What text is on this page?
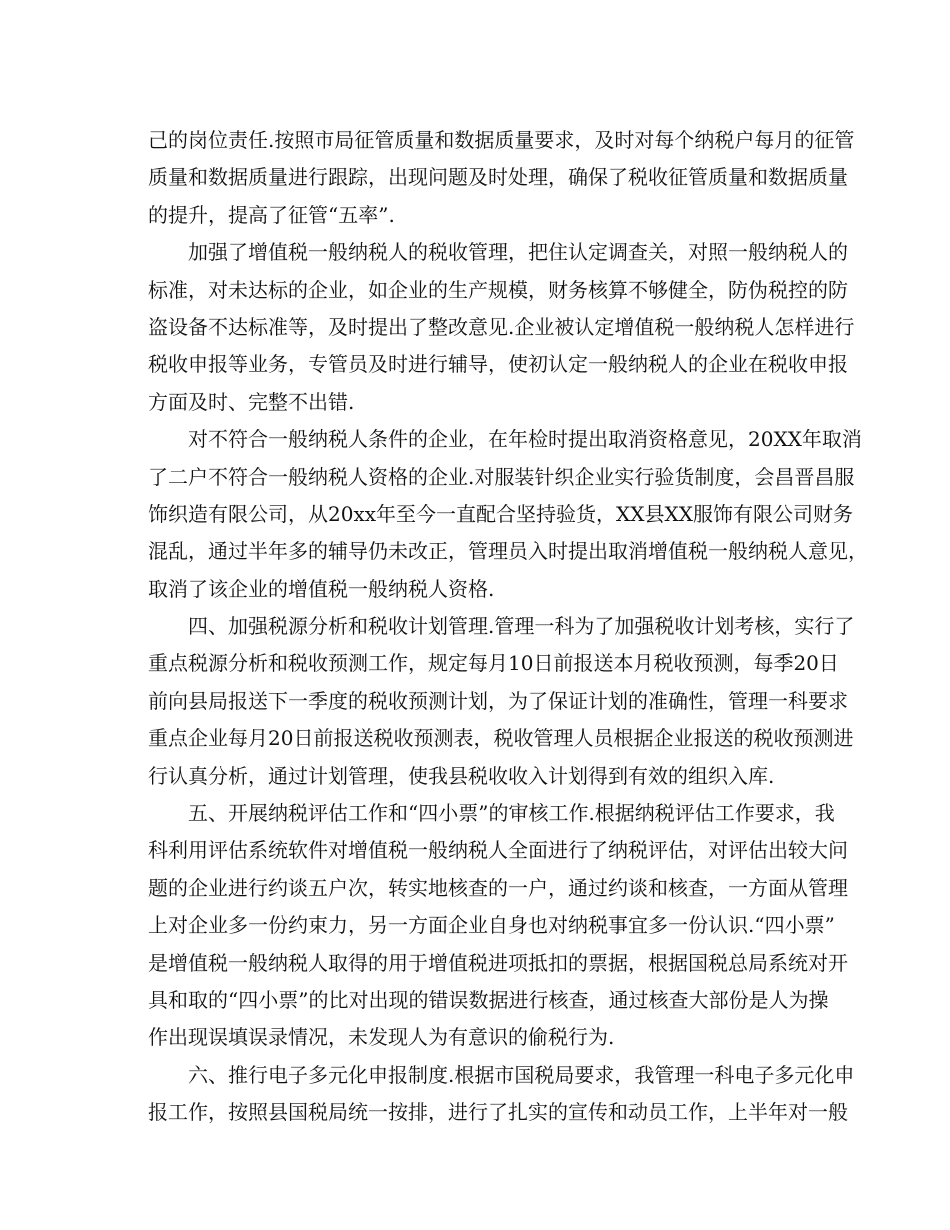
己的岗位责任.按照市局征管质量和数据质量要求，及时对每个纳税户每月的征管
质量和数据质量进行跟踪，出现问题及时处理，确保了税收征管质量和数据质量
的提升，提高了征管“五率”.
加强了增值税一般纳税人的税收管理，把住认定调查关，对照一般纳税人的
标准，对未达标的企业，如企业的生产规模，财务核算不够健全，防伪税控的防
盗设备不达标准等，及时提出了整改意见.企业被认定增值税一般纳税人怎样进行
税收申报等业务，专管员及时进行辅导，使初认定一般纳税人的企业在税收申报
方面及时、完整不出错.
对不符合一般纳税人条件的企业，在年检时提出取消资格意见，20XX年取消
了二户不符合一般纳税人资格的企业.对服装针织企业实行验货制度，会昌晋昌服
饰织造有限公司，从20xx年至今一直配合坚持验货，XX县XX服饰有限公司财务
混乱，通过半年多的辅导仍未改正，管理员入时提出取消增值税一般纳税人意见，
取消了该企业的增值税一般纳税人资格.
四、加强税源分析和税收计划管理.管理一科为了加强税收计划考核，实行了
重点税源分析和税收预测工作，规定每月10日前报送本月税收预测，每季20日
前向县局报送下一季度的税收预测计划，为了保证计划的准确性，管理一科要求
重点企业每月20日前报送税收预测表，税收管理人员根据企业报送的税收预测进
行认真分析，通过计划管理，使我县税收收入计划得到有效的组织入库.
五、开展纳税评估工作和“四小票”的审核工作.根据纳税评估工作要求，我
科利用评估系统软件对增值税一般纳税人全面进行了纳税评估，对评估出较大问
题的企业进行约谈五户次，转实地核查的一户，通过约谈和核查，一方面从管理
上对企业多一份约束力，另一方面企业自身也对纳税事宜多一份认识.“四小票”
是增值税一般纳税人取得的用于增值税进项抵扣的票据，根据国税总局系统对开
具和取的“四小票”的比对出现的错误数据进行核查，通过核查大部份是人为操
作出现误填误录情况，未发现人为有意识的偷税行为.
六、推行电子多元化申报制度.根据市国税局要求，我管理一科电子多元化申
报工作，按照县国税局统一按排，进行了扎实的宣传和动员工作，上半年对一般
